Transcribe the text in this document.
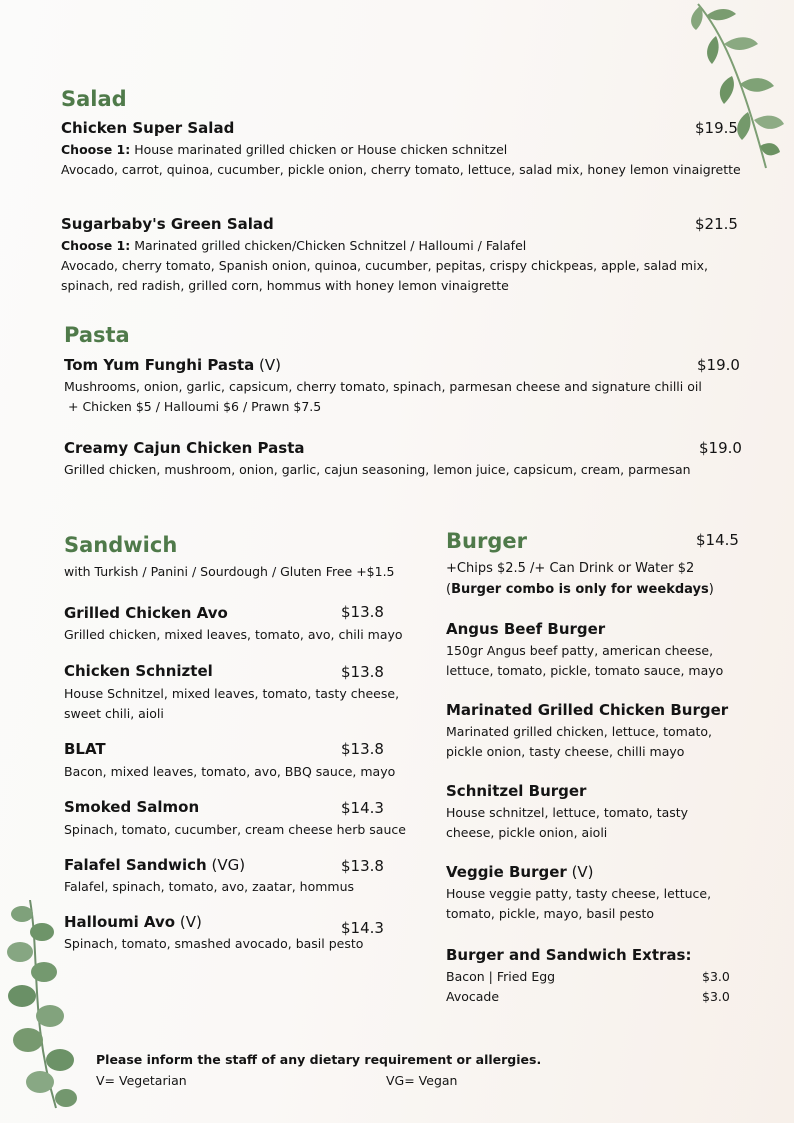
Salad
Chicken Super Salad	$19.5
Choose 1: House marinated grilled chicken or House chicken schnitzel
Avocado, carrot, quinoa, cucumber, pickle onion, cherry tomato, lettuce, salad mix, honey lemon vinaigrette
Sugarbaby's Green Salad	$21.5
Choose 1: Marinated grilled chicken/Chicken Schnitzel / Halloumi / Falafel
Avocado, cherry tomato, Spanish onion, quinoa, cucumber, pepitas, crispy chickpeas, apple, salad mix, spinach, red radish, grilled corn, hommus with honey lemon vinaigrette
Pasta
Tom Yum Funghi Pasta (V)	$19.0
Mushrooms, onion, garlic, capsicum, cherry tomato, spinach, parmesan cheese and signature chilli oil
+ Chicken $5 / Halloumi $6 / Prawn $7.5
Creamy Cajun Chicken Pasta	$19.0
Grilled chicken, mushroom, onion, garlic, cajun seasoning, lemon juice, capsicum, cream, parmesan
Sandwich
with Turkish / Panini / Sourdough / Gluten Free +$1.5
Grilled Chicken Avo	$13.8
Grilled chicken, mixed leaves, tomato, avo, chili mayo
Chicken Schniztel	$13.8
House Schnitzel, mixed leaves, tomato, tasty cheese, sweet chili, aioli
BLAT	$13.8
Bacon, mixed leaves, tomato, avo, BBQ sauce, mayo
Smoked Salmon	$14.3
Spinach, tomato, cucumber, cream cheese herb sauce
Falafel Sandwich (VG)	$13.8
Falafel, spinach, tomato, avo, zaatar, hommus
Halloumi Avo (V)	$14.3
Spinach, tomato, smashed avocado, basil pesto
Burger	$14.5
+Chips $2.5 /+ Can Drink or Water $2
(Burger combo is only for weekdays)
Angus Beef Burger
150gr Angus beef patty, american cheese, lettuce, tomato, pickle, tomato sauce, mayo
Marinated Grilled Chicken Burger
Marinated grilled chicken, lettuce, tomato, pickle onion, tasty cheese, chilli mayo
Schnitzel Burger
House schnitzel, lettuce, tomato, tasty cheese, pickle onion, aioli
Veggie Burger (V)
House veggie patty, tasty cheese, lettuce, tomato, pickle, mayo, basil pesto
Burger and Sandwich Extras:
Bacon | Fried Egg	$3.0
Avocade	$3.0
Please inform the staff of any dietary requirement or allergies.
V= Vegetarian	VG= Vegan
